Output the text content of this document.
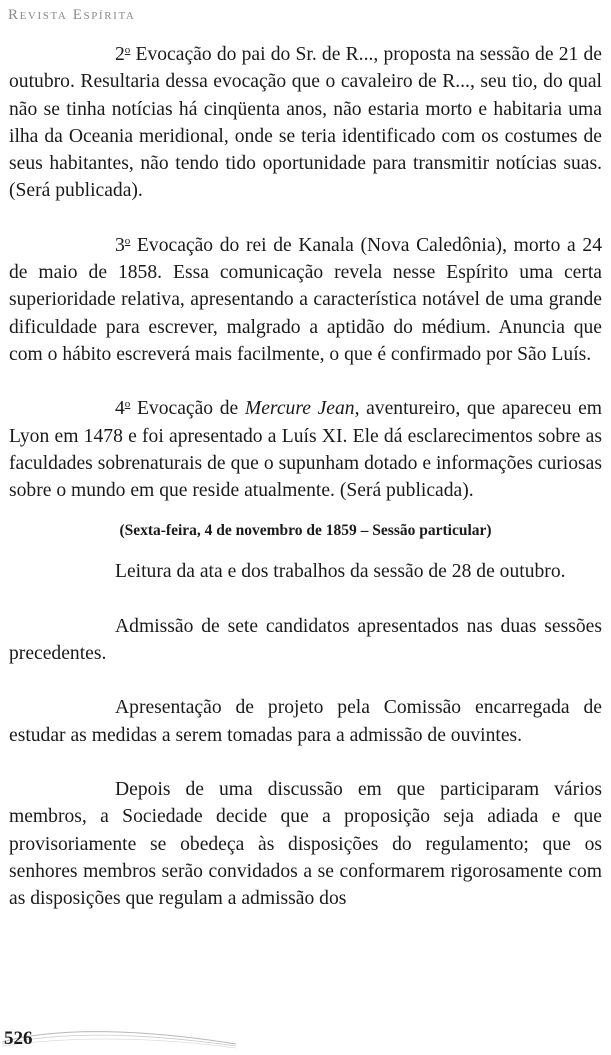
Revista Espírita

2$^o$ Evocação do pai do Sr. de R..., proposta na sessão de 21 de outubro. Resultaria dessa evocação que o cavaleiro de R..., seu tio, do qual não se tinha notícias há cinqüenta anos, não estaria morto e habitaria uma ilha da Oceania meridional, onde se teria identificado com os costumes de seus habitantes, não tendo tido oportunidade para transmitir notícias suas. (Será publicada).

3$^o$ Evocação do rei de Kanala (Nova Caledônia), morto a 24 de maio de 1858. Essa comunicação revela nesse Espírito uma certa superioridade relativa, apresentando a característica notável de uma grande dificuldade para escrever, malgrado a aptidão do médium. Anuncia que com o hábito escreverá mais facilmente, o que é confirmado por São Luís.

4$^o$ Evocação de Mercure Jean, aventureiro, que apareceu em Lyon em 1478 e foi apresentado a Luís XI. Ele dá esclarecimentos sobre as faculdades sobrenaturais de que o supunham dotado e informações curiosas sobre o mundo em que reside atualmente. (Será publicada).

(Sexta-feira, 4 de novembro de 1859 – Sessão particular)

Leitura da ata e dos trabalhos da sessão de 28 de outubro.

Admissão de sete candidatos apresentados nas duas sessões precedentes.

Apresentação de projeto pela Comissão encarregada de estudar as medidas a serem tomadas para a admissão de ouvintes.

Depois de uma discussão em que participaram vários membros, a Sociedade decide que a proposição seja adiada e que provisoriamente se obedeça às disposições do regulamento; que os senhores membros serão convidados a se conformarem rigorosamente com as disposições que regulam a admissão dos

526
